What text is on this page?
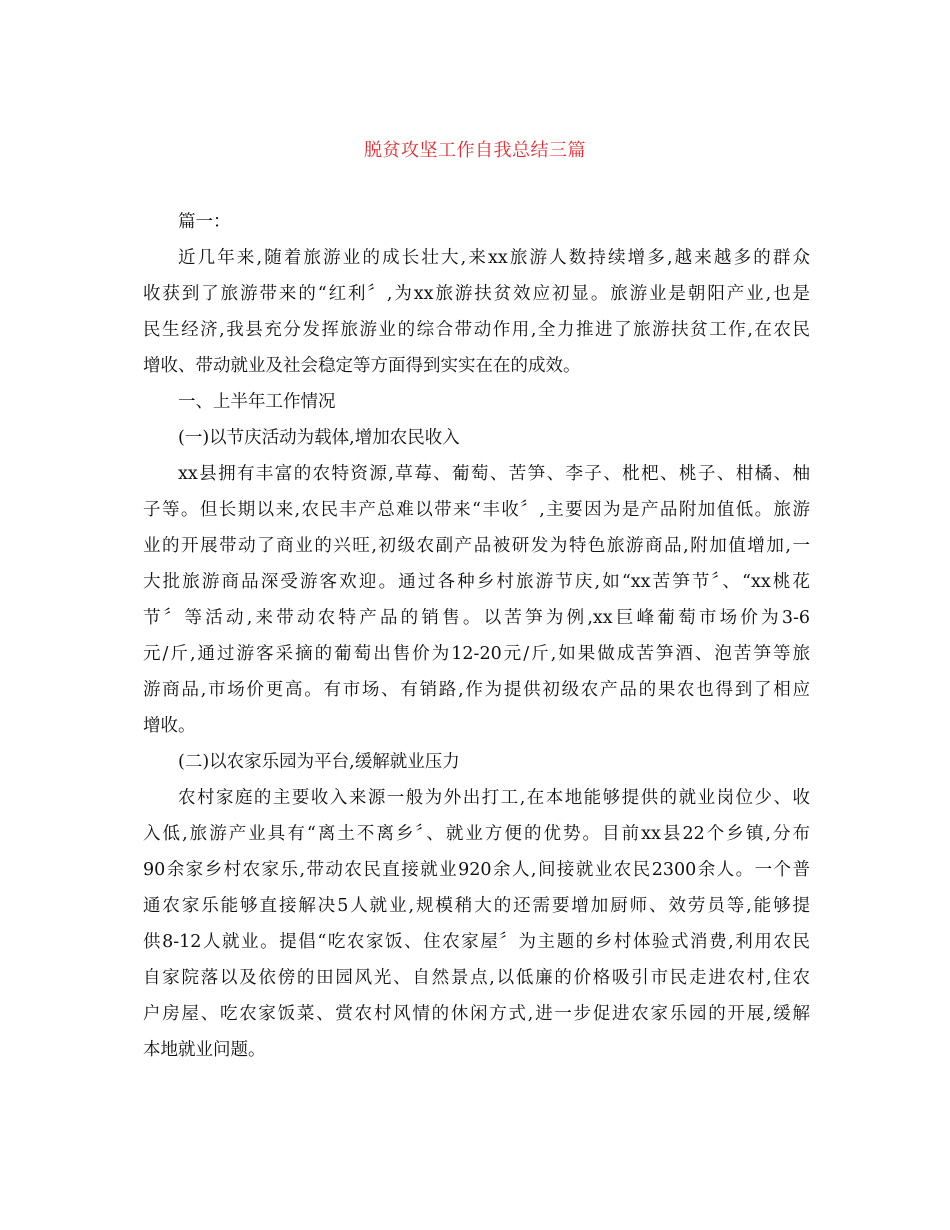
脱贫攻坚工作自我总结三篇
篇一：
近几年来,随着旅游业的成长壮大,来xx旅游人数持续增多,越来越多的群众
收获到了旅游带来的“红利〞,为xx旅游扶贫效应初显。旅游业是朝阳产业,也是
民生经济,我县充分发挥旅游业的综合带动作用,全力推进了旅游扶贫工作,在农民
增收、带动就业及社会稳定等方面得到实实在在的成效。
一、上半年工作情况
(一)以节庆活动为载体,增加农民收入
xx县拥有丰富的农特资源,草莓、葡萄、苦笋、李子、枇杷、桃子、柑橘、柚
子等。但长期以来,农民丰产总难以带来“丰收〞,主要因为是产品附加值低。旅游
业的开展带动了商业的兴旺,初级农副产品被研发为特色旅游商品,附加值增加,一
大批旅游商品深受游客欢迎。通过各种乡村旅游节庆,如“xx苦笋节〞、“xx桃花
节〞等活动,来带动农特产品的销售。以苦笋为例,xx巨峰葡萄市场价为3-6
元/斤,通过游客采摘的葡萄出售价为12-20元/斤,如果做成苦笋酒、泡苦笋等旅
游商品,市场价更高。有市场、有销路,作为提供初级农产品的果农也得到了相应
增收。
(二)以农家乐园为平台,缓解就业压力
农村家庭的主要收入来源一般为外出打工,在本地能够提供的就业岗位少、收
入低,旅游产业具有“离土不离乡〞、就业方便的优势。目前xx县22个乡镇,分布
90余家乡村农家乐,带动农民直接就业920余人,间接就业农民2300余人。一个普
通农家乐能够直接解决5人就业,规模稍大的还需要增加厨师、效劳员等,能够提
供8-12人就业。提倡“吃农家饭、住农家屋〞为主题的乡村体验式消费,利用农民
自家院落以及依傍的田园风光、自然景点,以低廉的价格吸引市民走进农村,住农
户房屋、吃农家饭菜、赏农村风情的休闲方式,进一步促进农家乐园的开展,缓解
本地就业问题。
